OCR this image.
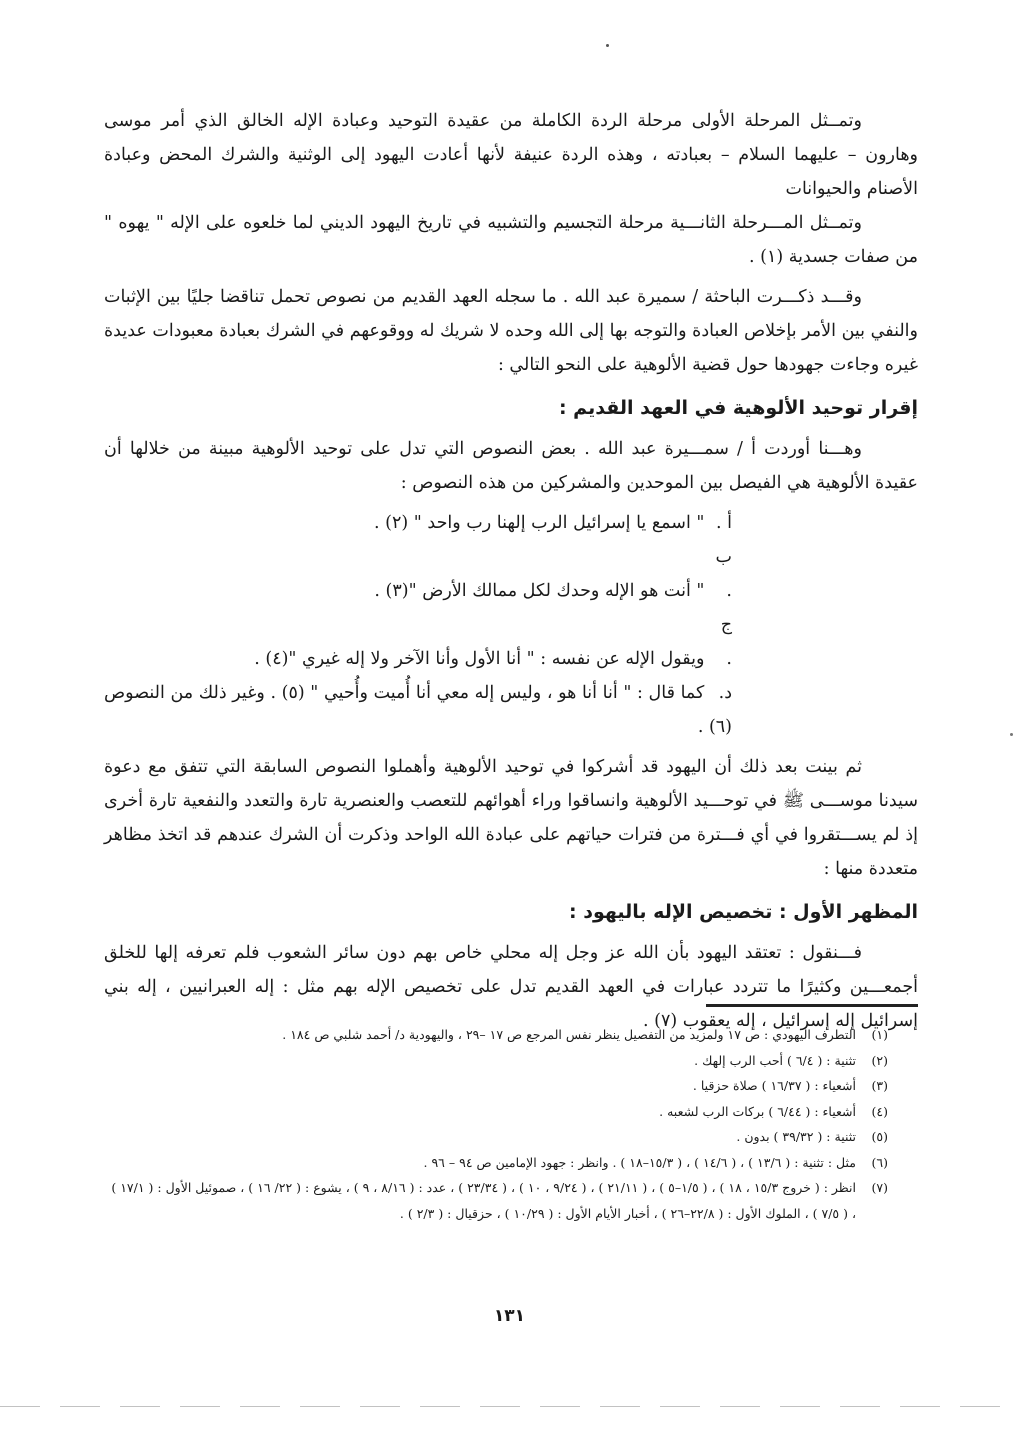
وتمــثل المرحلة الأولى مرحلة الردة الكاملة من عقيدة التوحيد وعبادة الإله الخالق الذي أمر موسى وهارون – عليهما السلام – بعبادته ، وهذه الردة عنيفة لأنها أعادت اليهود إلى الوثنية والشرك المحض وعبادة الأصنام والحيوانات

وتمــثل المـــرحلة الثانـــية مرحلة التجسيم والتشبيه في تاريخ اليهود الديني لما خلعوه على الإله " يهوه " من صفات جسدية (١) .

وقـــد ذكـــرت الباحثة / سميرة عبد الله . ما سجله العهد القديم من نصوص تحمل تناقضا جليًا بين الإثبات والنفي بين الأمر بإخلاص العبادة والتوجه بها إلى الله وحده لا شريك له ووقوعهم في الشرك بعبادة معبودات عديدة غيره وجاءت جهودها حول قضية الألوهية على النحو التالي :

إقرار توحيد الألوهية في العهد القديم :

وهـــنا أوردت أ / سمـــيرة عبد الله . بعض النصوص التي تدل على توحيد الألوهية مبينة من خلالها أن عقيدة الألوهية هي الفيصل بين الموحدين والمشركين من هذه النصوص :

أ . " اسمع يا إسرائيل الرب إلهنا رب واحد " (٢) .

ب . " أنت هو الإله وحدك لكل ممالك الأرض "(٣) .

ج . ويقول الإله عن نفسه : " أنا الأول وأنا الآخر ولا إله غيري "(٤) .

د. كما قال : " أنا أنا هو ، وليس إله معي أنا أُميت وأُحيي " (٥) . وغير ذلك من النصوص (٦) .

ثم بينت بعد ذلك أن اليهود قد أشركوا في توحيد الألوهية وأهملوا النصوص السابقة التي تتفق مع دعوة سيدنا موســـى ﷺ في توحـــيد الألوهية وانساقوا وراء أهوائهم للتعصب والعنصرية تارة والتعدد والنفعية تارة أخرى إذ لم يســـتقروا في أي فـــترة من فترات حياتهم على عبادة الله الواحد وذكرت أن الشرك عندهم قد اتخذ مظاهر متعددة منها :

المظهر الأول : تخصيص الإله باليهود :

فـــنقول : تعتقد اليهود بأن الله عز وجل إله محلي خاص بهم دون سائر الشعوب فلم تعرفه إلها للخلق أجمعـــين وكثيرًا ما تتردد عبارات في العهد القديم تدل على تخصيص الإله بهم مثل : إله العبرانيين ، إله بني إسرائيل إله إسرائيل ، إله يعقوب (٧) .

(١)
التطرف اليهودي : ص ١٧ ولمزيد من التفصيل ينظر نفس المرجع ص ١٧ –٢٩ ، واليهودية د/ أحمد شلبي ص ١٨٤ .

(٢)
تثنية : ( ٦/٤ ) أحب الرب إلهك .

(٣)
أشعياء : ( ١٦/٣٧ ) صلاة حزقيا .

(٤)
أشعياء : ( ٦/٤٤ ) بركات الرب لشعبه .

(٥)
تثنية : ( ٣٩/٣٢ ) بدون .

(٦)
مثل : تثنية : ( ١٣/٦ ) ، ( ١٤/٦ ) ، ( ١٥/٣–١٨ ) . وانظر : جهود الإمامين ص ٩٤ – ٩٦ .

(٧)
انظر : ( خروج ١٥/٣ ، ١٨ ) ، ( ١/٥–٥ ) ، ( ٢١/١١ ) ، ( ٩/٢٤ ، ١٠ ) ، ( ٢٣/٣٤ ) ، عدد : ( ٨/١٦ ، ٩ ) ، يشوع : ( ٢٢/ ١٦ ) ، صموئيل الأول : ( ١٧/١ ) ، ( ٧/٥ ) ، الملوك الأول : ( ٢٢/٨–٢٦ ) ، أخبار الأيام الأول : ( ١٠/٢٩ ) ، حزقيال : ( ٢/٣ ) .

١٣١
